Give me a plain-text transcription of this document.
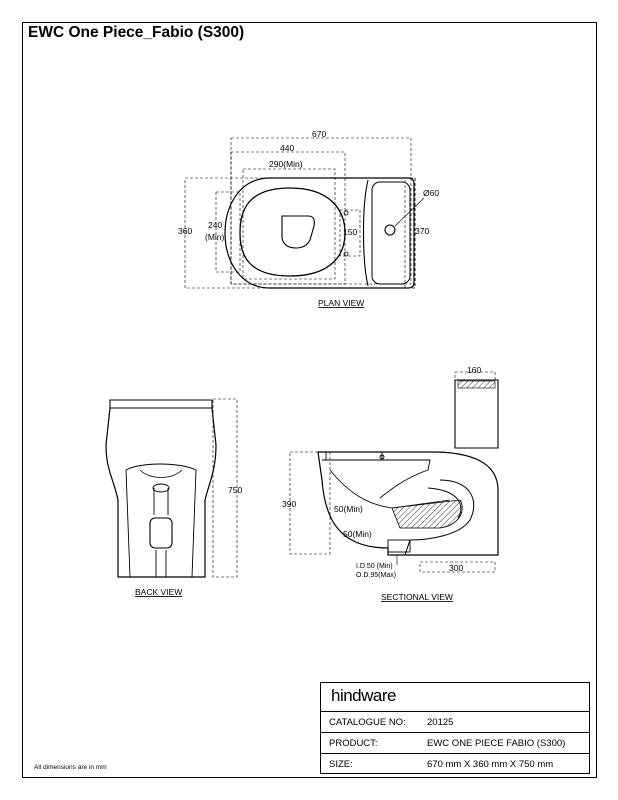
EWC One Piece_Fabio (S300)
670
440
290(Min)
360
240
(Min)	150	370
Ø60
PLAN VIEW
750
BACK VIEW
160
390	50(Min)
50(Min)
300
I.D.50 (Min)
O.D.95(Max)
SECTIONAL VIEW
All dimensions are in mm
hindware
CATALOGUE NO: 20125
PRODUCT:	EWC ONE PIECE FABIO (S300)
SIZE:	670 mm X 360 mm X 750 mm
